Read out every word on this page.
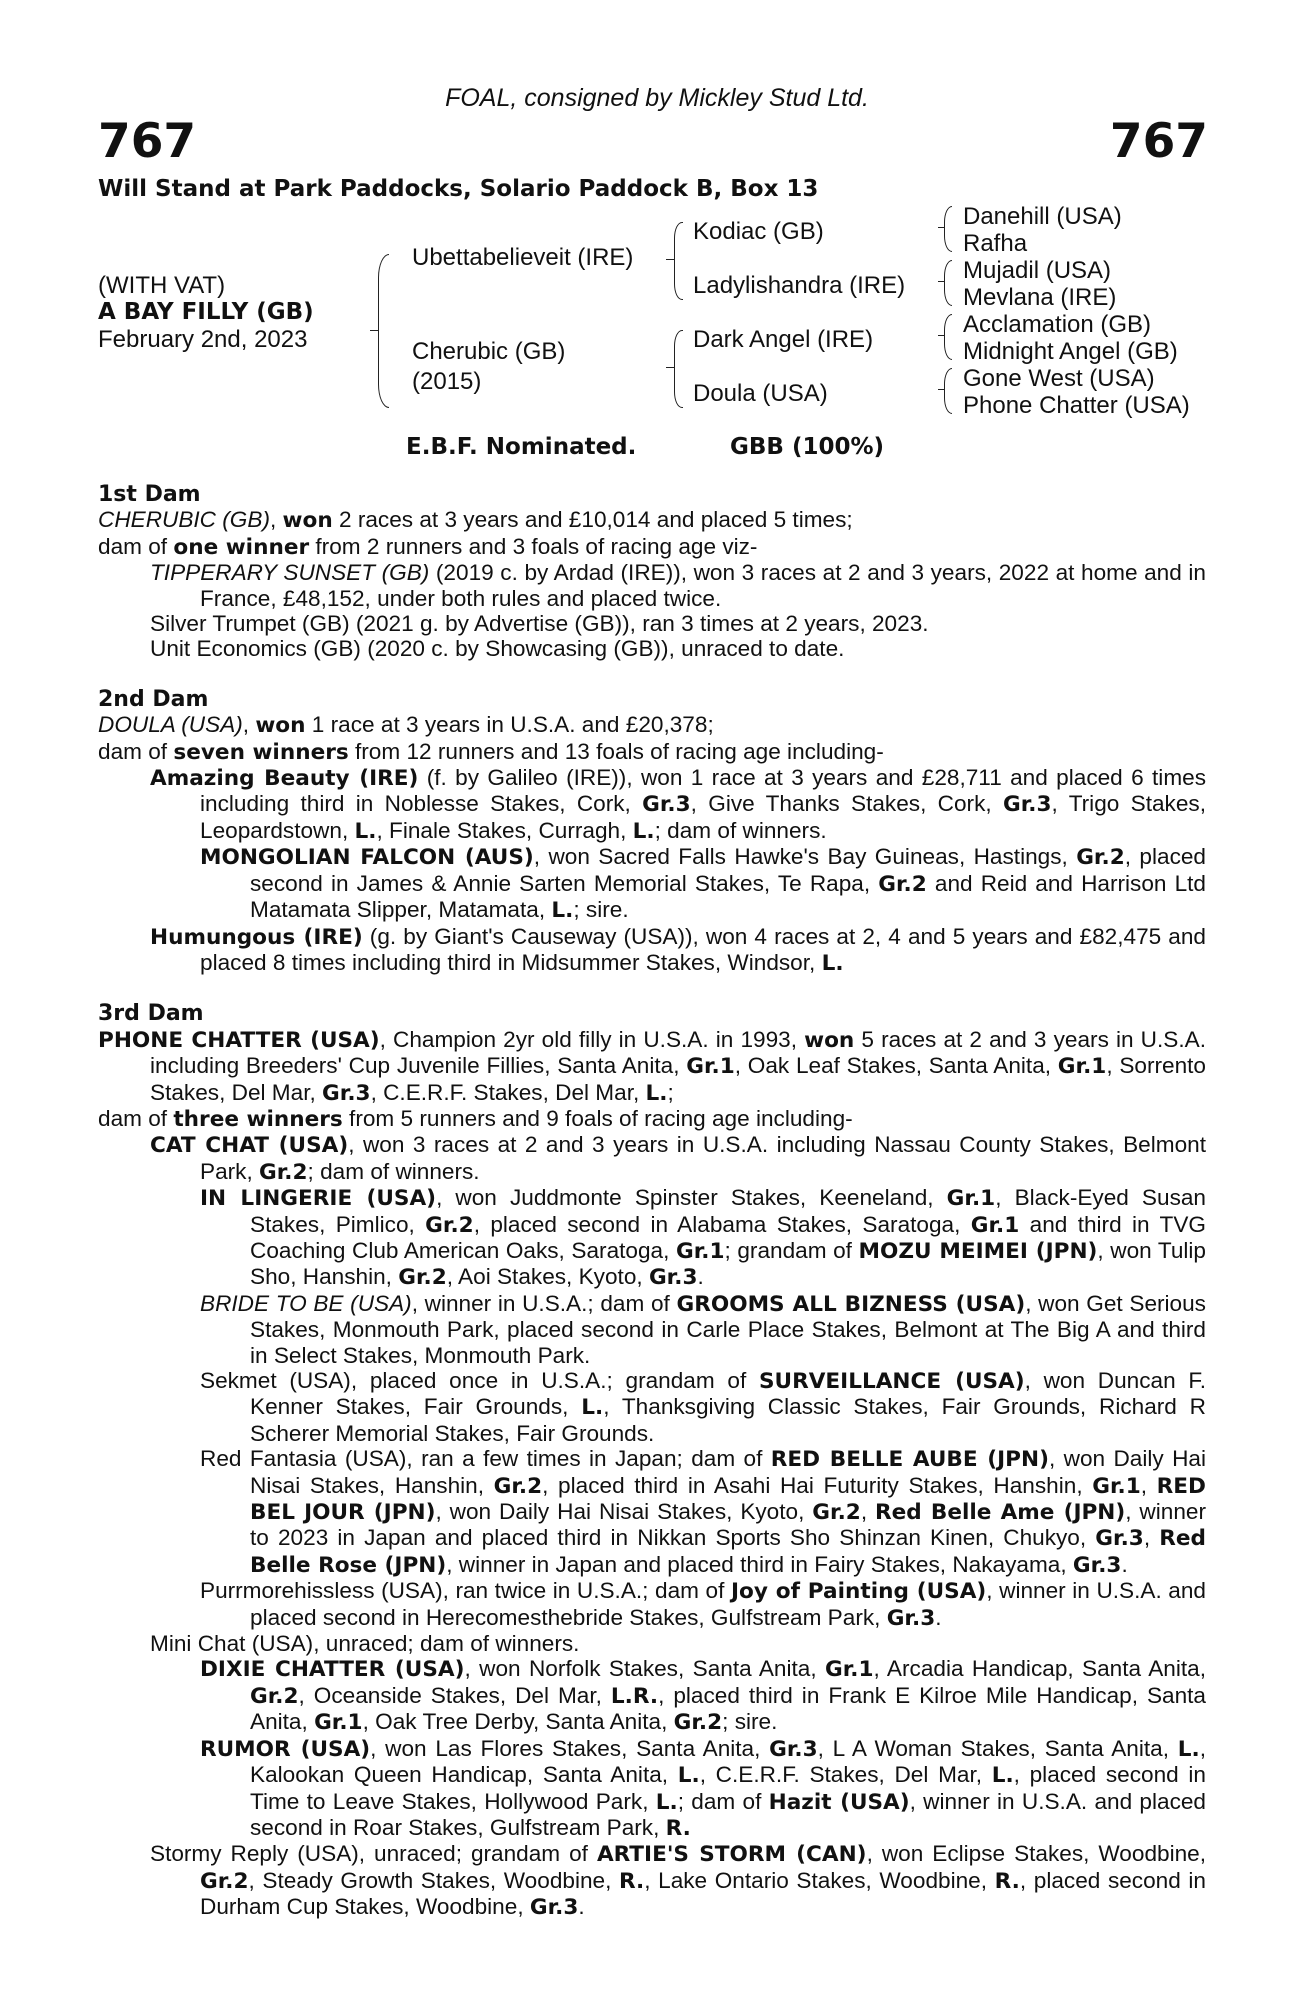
FOAL, consigned by Mickley Stud Ltd.
767	767
Will Stand at Park Paddocks, Solario Paddock B, Box 13
(WITH VAT)
A BAY FILLY (GB)
February 2nd, 2023
Ubettabelieveit (IRE)
Cherubic (GB)
(2015)
Kodiac (GB)
Ladylishandra (IRE)
Dark Angel (IRE)
Doula (USA)
Danehill (USA)
Rafha
Mujadil (USA)
Mevlana (IRE)
Acclamation (GB)
Midnight Angel (GB)
Gone West (USA)
Phone Chatter (USA)
E.B.F. Nominated.	GBB (100%)
1st Dam
CHERUBIC (GB), won 2 races at 3 years and £10,014 and placed 5 times;
dam of one winner from 2 runners and 3 foals of racing age viz-
TIPPERARY SUNSET (GB) (2019 c. by Ardad (IRE)), won 3 races at 2 and 3 years, 2022 at home and in France, £48,152, under both rules and placed twice.
Silver Trumpet (GB) (2021 g. by Advertise (GB)), ran 3 times at 2 years, 2023.
Unit Economics (GB) (2020 c. by Showcasing (GB)), unraced to date.
2nd Dam
DOULA (USA), won 1 race at 3 years in U.S.A. and £20,378;
dam of seven winners from 12 runners and 13 foals of racing age including-
Amazing Beauty (IRE) (f. by Galileo (IRE)), won 1 race at 3 years and £28,711 and placed 6 times including third in Noblesse Stakes, Cork, Gr.3, Give Thanks Stakes, Cork, Gr.3, Trigo Stakes, Leopardstown, L., Finale Stakes, Curragh, L.; dam of winners.
MONGOLIAN FALCON (AUS), won Sacred Falls Hawke's Bay Guineas, Hastings, Gr.2, placed second in James & Annie Sarten Memorial Stakes, Te Rapa, Gr.2 and Reid and Harrison Ltd Matamata Slipper, Matamata, L.; sire.
Humungous (IRE) (g. by Giant's Causeway (USA)), won 4 races at 2, 4 and 5 years and £82,475 and placed 8 times including third in Midsummer Stakes, Windsor, L.
3rd Dam
PHONE CHATTER (USA), Champion 2yr old filly in U.S.A. in 1993, won 5 races at 2 and 3 years in U.S.A. including Breeders' Cup Juvenile Fillies, Santa Anita, Gr.1, Oak Leaf Stakes, Santa Anita, Gr.1, Sorrento Stakes, Del Mar, Gr.3, C.E.R.F. Stakes, Del Mar, L.;
dam of three winners from 5 runners and 9 foals of racing age including-
CAT CHAT (USA), won 3 races at 2 and 3 years in U.S.A. including Nassau County Stakes, Belmont Park, Gr.2; dam of winners.
IN LINGERIE (USA), won Juddmonte Spinster Stakes, Keeneland, Gr.1, Black-Eyed Susan Stakes, Pimlico, Gr.2, placed second in Alabama Stakes, Saratoga, Gr.1 and third in TVG Coaching Club American Oaks, Saratoga, Gr.1; grandam of MOZU MEIMEI (JPN), won Tulip Sho, Hanshin, Gr.2, Aoi Stakes, Kyoto, Gr.3.
BRIDE TO BE (USA), winner in U.S.A.; dam of GROOMS ALL BIZNESS (USA), won Get Serious Stakes, Monmouth Park, placed second in Carle Place Stakes, Belmont at The Big A and third in Select Stakes, Monmouth Park.
Sekmet (USA), placed once in U.S.A.; grandam of SURVEILLANCE (USA), won Duncan F. Kenner Stakes, Fair Grounds, L., Thanksgiving Classic Stakes, Fair Grounds, Richard R Scherer Memorial Stakes, Fair Grounds.
Red Fantasia (USA), ran a few times in Japan; dam of RED BELLE AUBE (JPN), won Daily Hai Nisai Stakes, Hanshin, Gr.2, placed third in Asahi Hai Futurity Stakes, Hanshin, Gr.1, RED BEL JOUR (JPN), won Daily Hai Nisai Stakes, Kyoto, Gr.2, Red Belle Ame (JPN), winner to 2023 in Japan and placed third in Nikkan Sports Sho Shinzan Kinen, Chukyo, Gr.3, Red Belle Rose (JPN), winner in Japan and placed third in Fairy Stakes, Nakayama, Gr.3.
Purrmorehissless (USA), ran twice in U.S.A.; dam of Joy of Painting (USA), winner in U.S.A. and placed second in Herecomesthebride Stakes, Gulfstream Park, Gr.3.
Mini Chat (USA), unraced; dam of winners.
DIXIE CHATTER (USA), won Norfolk Stakes, Santa Anita, Gr.1, Arcadia Handicap, Santa Anita, Gr.2, Oceanside Stakes, Del Mar, L.R., placed third in Frank E Kilroe Mile Handicap, Santa Anita, Gr.1, Oak Tree Derby, Santa Anita, Gr.2; sire.
RUMOR (USA), won Las Flores Stakes, Santa Anita, Gr.3, L A Woman Stakes, Santa Anita, L., Kalookan Queen Handicap, Santa Anita, L., C.E.R.F. Stakes, Del Mar, L., placed second in Time to Leave Stakes, Hollywood Park, L.; dam of Hazit (USA), winner in U.S.A. and placed second in Roar Stakes, Gulfstream Park, R.
Stormy Reply (USA), unraced; grandam of ARTIE'S STORM (CAN), won Eclipse Stakes, Woodbine, Gr.2, Steady Growth Stakes, Woodbine, R., Lake Ontario Stakes, Woodbine, R., placed second in Durham Cup Stakes, Woodbine, Gr.3.
